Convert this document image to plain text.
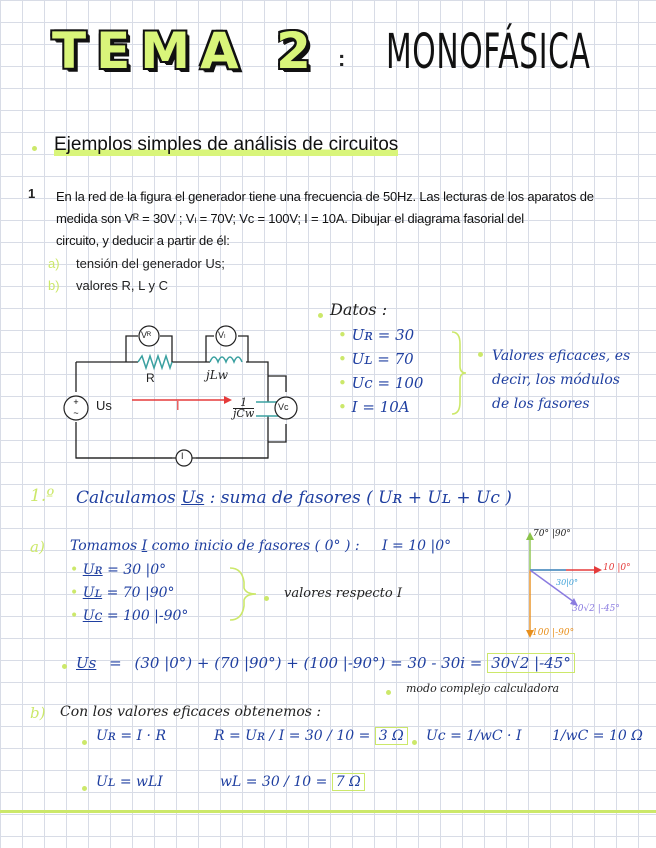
TEMA 2 : MONOFÁSICA
Ejemplos simples de análisis de circuitos
1 En la red de la figura el generador tiene una frecuencia de 50Hz. Las lecturas de los aparatos de
medida son Vᴿ = 30V ; Vₗ = 70V; Vc = 100V; I = 10A. Dibujar el diagrama fasorial del
circuito, y deducir a partir de él:
a) tensión del generador Us;
b) valores R, L y C
+
~
Vᴿ	Vₗ
Vc
I
R	jLw
1
jCw
Us	I
Datos :
• Uʀ = 30
• Uʟ = 70
• Uc = 100
• I = 10A
Valores eficaces, es
decir, los módulos
de los fasores
1.º Calculamos Us : suma de fasores ( Uʀ + Uʟ + Uc )
a) Tomamos I como inicio de fasores ( 0° ) : I = 10 |0°
• Uʀ = 30 |0°
• Uʟ = 70 |90°
• Uc = 100 |-90°
valores respecto I
70° |90°
10 |0°
30|0°
30√2 |-45°
100 |-90°
Us = (30 |0°) + (70 |90°) + (100 |-90°) = 30 - 30i = 30√2 |-45°
modo complejo calculadora
b) Con los valores eficaces obtenemos :
Uʀ = I · R	R = Uʀ / I = 30 / 10 = 3 Ω Uc = 1/wC · I 1/wC = 10 Ω
Uʟ = wLI	wL = 30 / 10 = 7 Ω
